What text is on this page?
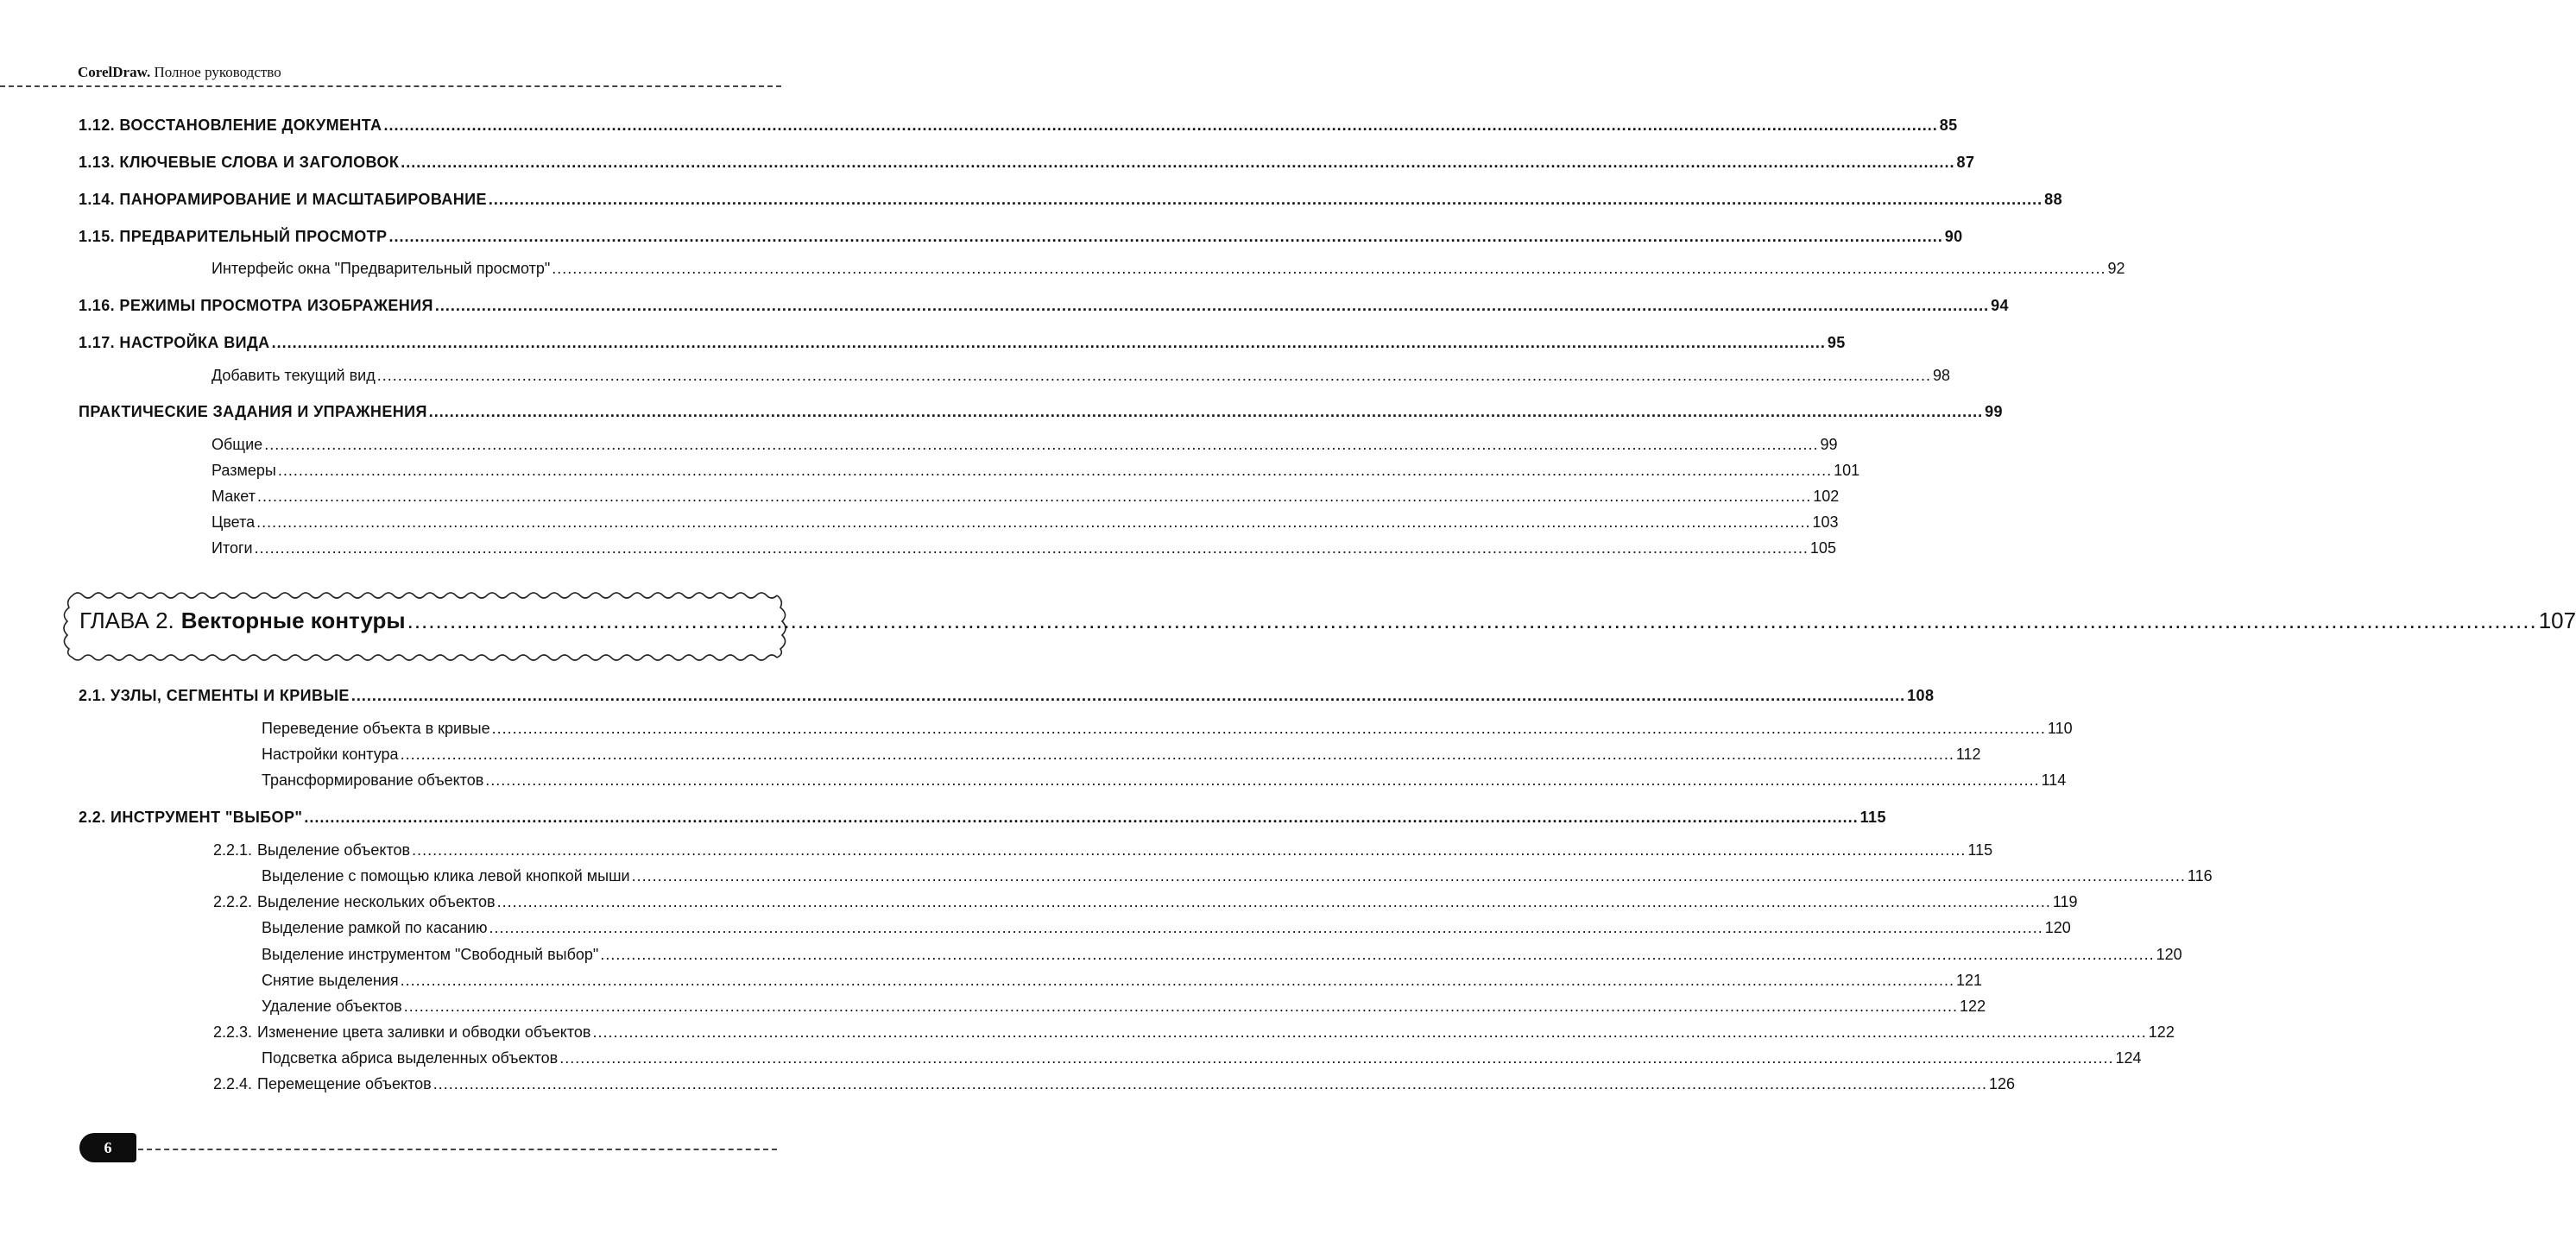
CorelDraw. Полное руководство
1.12. ВОССТАНОВЛЕНИЕ ДОКУМЕНТА ............................................................................................................................................................................................................................................................................................................ 85
1.13. КЛЮЧЕВЫЕ СЛОВА И ЗАГОЛОВОК ............................................................................................................................................................................................................................................................................................................ 87
1.14. ПАНОРАМИРОВАНИЕ И МАСШТАБИРОВАНИЕ ............................................................................................................................................................................................................................................................................................................ 88
1.15. ПРЕДВАРИТЕЛЬНЫЙ ПРОСМОТР ............................................................................................................................................................................................................................................................................................................ 90
Интерфейс окна "Предварительный просмотр" ............................................................................................................................................................................................................................................................................................................ 92
1.16. РЕЖИМЫ ПРОСМОТРА ИЗОБРАЖЕНИЯ ............................................................................................................................................................................................................................................................................................................ 94
1.17. НАСТРОЙКА ВИДА ............................................................................................................................................................................................................................................................................................................ 95
Добавить текущий вид ............................................................................................................................................................................................................................................................................................................ 98
ПРАКТИЧЕСКИЕ ЗАДАНИЯ И УПРАЖНЕНИЯ ............................................................................................................................................................................................................................................................................................................ 99
Общие ............................................................................................................................................................................................................................................................................................................ 99
Размеры ............................................................................................................................................................................................................................................................................................................ 101
Макет ............................................................................................................................................................................................................................................................................................................ 102
Цвета ............................................................................................................................................................................................................................................................................................................ 103
Итоги ............................................................................................................................................................................................................................................................................................................ 105
ГЛАВА 2. Векторные контуры ............................................................................................................................................................................................................................................................................................................ 107
2.1. УЗЛЫ, СЕГМЕНТЫ И КРИВЫЕ ............................................................................................................................................................................................................................................................................................................ 108
Переведение объекта в кривые ............................................................................................................................................................................................................................................................................................................ 110
Настройки контура ............................................................................................................................................................................................................................................................................................................ 112
Трансформирование объектов ............................................................................................................................................................................................................................................................................................................ 114
2.2. ИНСТРУМЕНТ "ВЫБОР" ............................................................................................................................................................................................................................................................................................................ 115
2.2.1. Выделение объектов ............................................................................................................................................................................................................................................................................................................ 115
Выделение с помощью клика левой кнопкой мыши ............................................................................................................................................................................................................................................................................................................ 116
2.2.2. Выделение нескольких объектов ............................................................................................................................................................................................................................................................................................................ 119
Выделение рамкой по касанию ............................................................................................................................................................................................................................................................................................................ 120
Выделение инструментом "Свободный выбор" ............................................................................................................................................................................................................................................................................................................ 120
Снятие выделения ............................................................................................................................................................................................................................................................................................................ 121
Удаление объектов ............................................................................................................................................................................................................................................................................................................ 122
2.2.3. Изменение цвета заливки и обводки объектов ............................................................................................................................................................................................................................................................................................................ 122
Подсветка абриса выделенных объектов ............................................................................................................................................................................................................................................................................................................ 124
2.2.4. Перемещение объектов ............................................................................................................................................................................................................................................................................................................ 126
6
